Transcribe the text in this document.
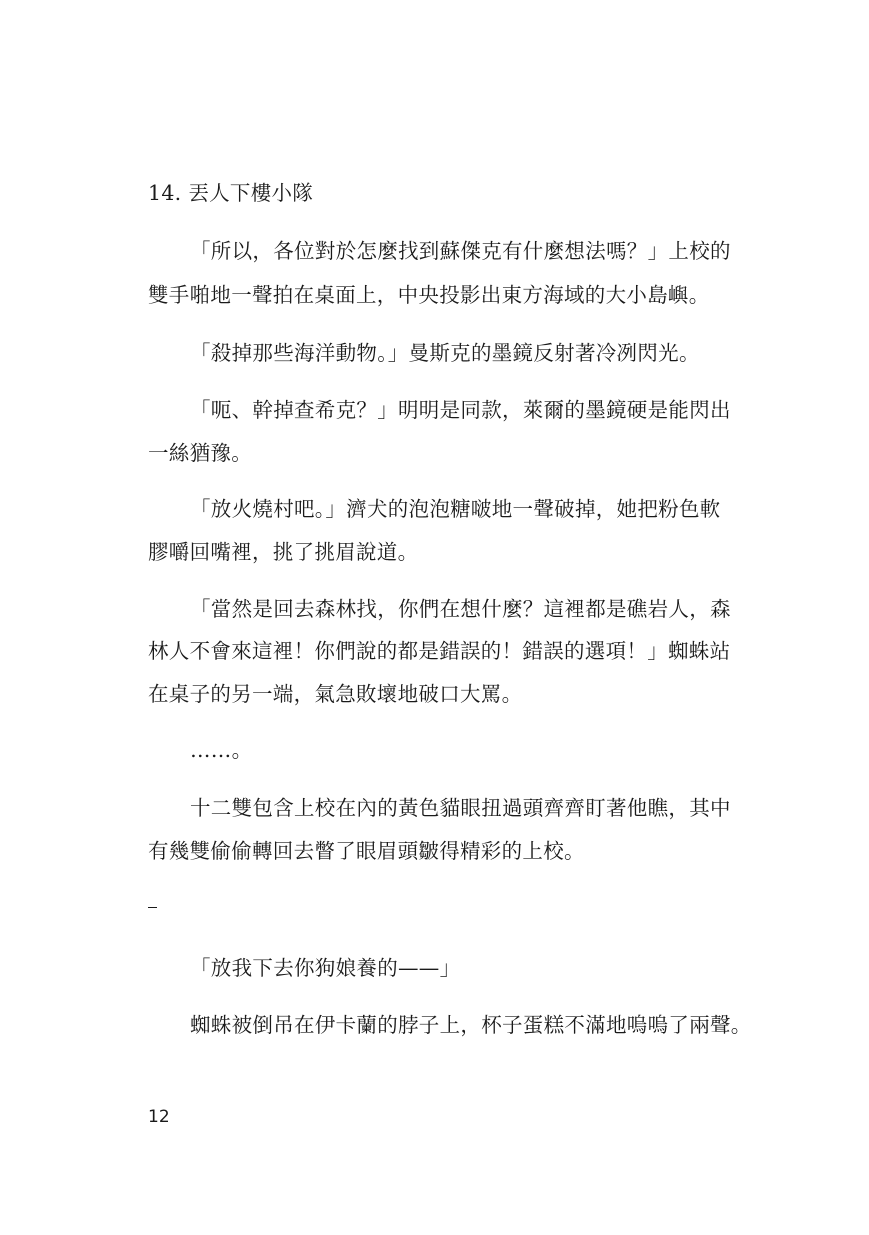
14. 丟人下樓小隊
「所以，各位對於怎麼找到蘇傑克有什麼想法嗎？」上校的
雙手啪地一聲拍在桌面上，中央投影出東方海域的大小島嶼。
「殺掉那些海洋動物。」曼斯克的墨鏡反射著冷冽閃光。
「呃、幹掉查希克？」明明是同款，萊爾的墨鏡硬是能閃出
一絲猶豫。
「放火燒村吧。」濟犬的泡泡糖啵地一聲破掉，她把粉色軟
膠嚼回嘴裡，挑了挑眉說道。
「當然是回去森林找，你們在想什麼？這裡都是礁岩人，森
林人不會來這裡！你們說的都是錯誤的！錯誤的選項！」蜘蛛站
在桌子的另一端，氣急敗壞地破口大罵。
……。
十二雙包含上校在內的黃色貓眼扭過頭齊齊盯著他瞧，其中
有幾雙偷偷轉回去瞥了眼眉頭皺得精彩的上校。
「放我下去你狗娘養的——」
蜘蛛被倒吊在伊卡蘭的脖子上，杯子蛋糕不滿地嗚嗚了兩聲。
12
